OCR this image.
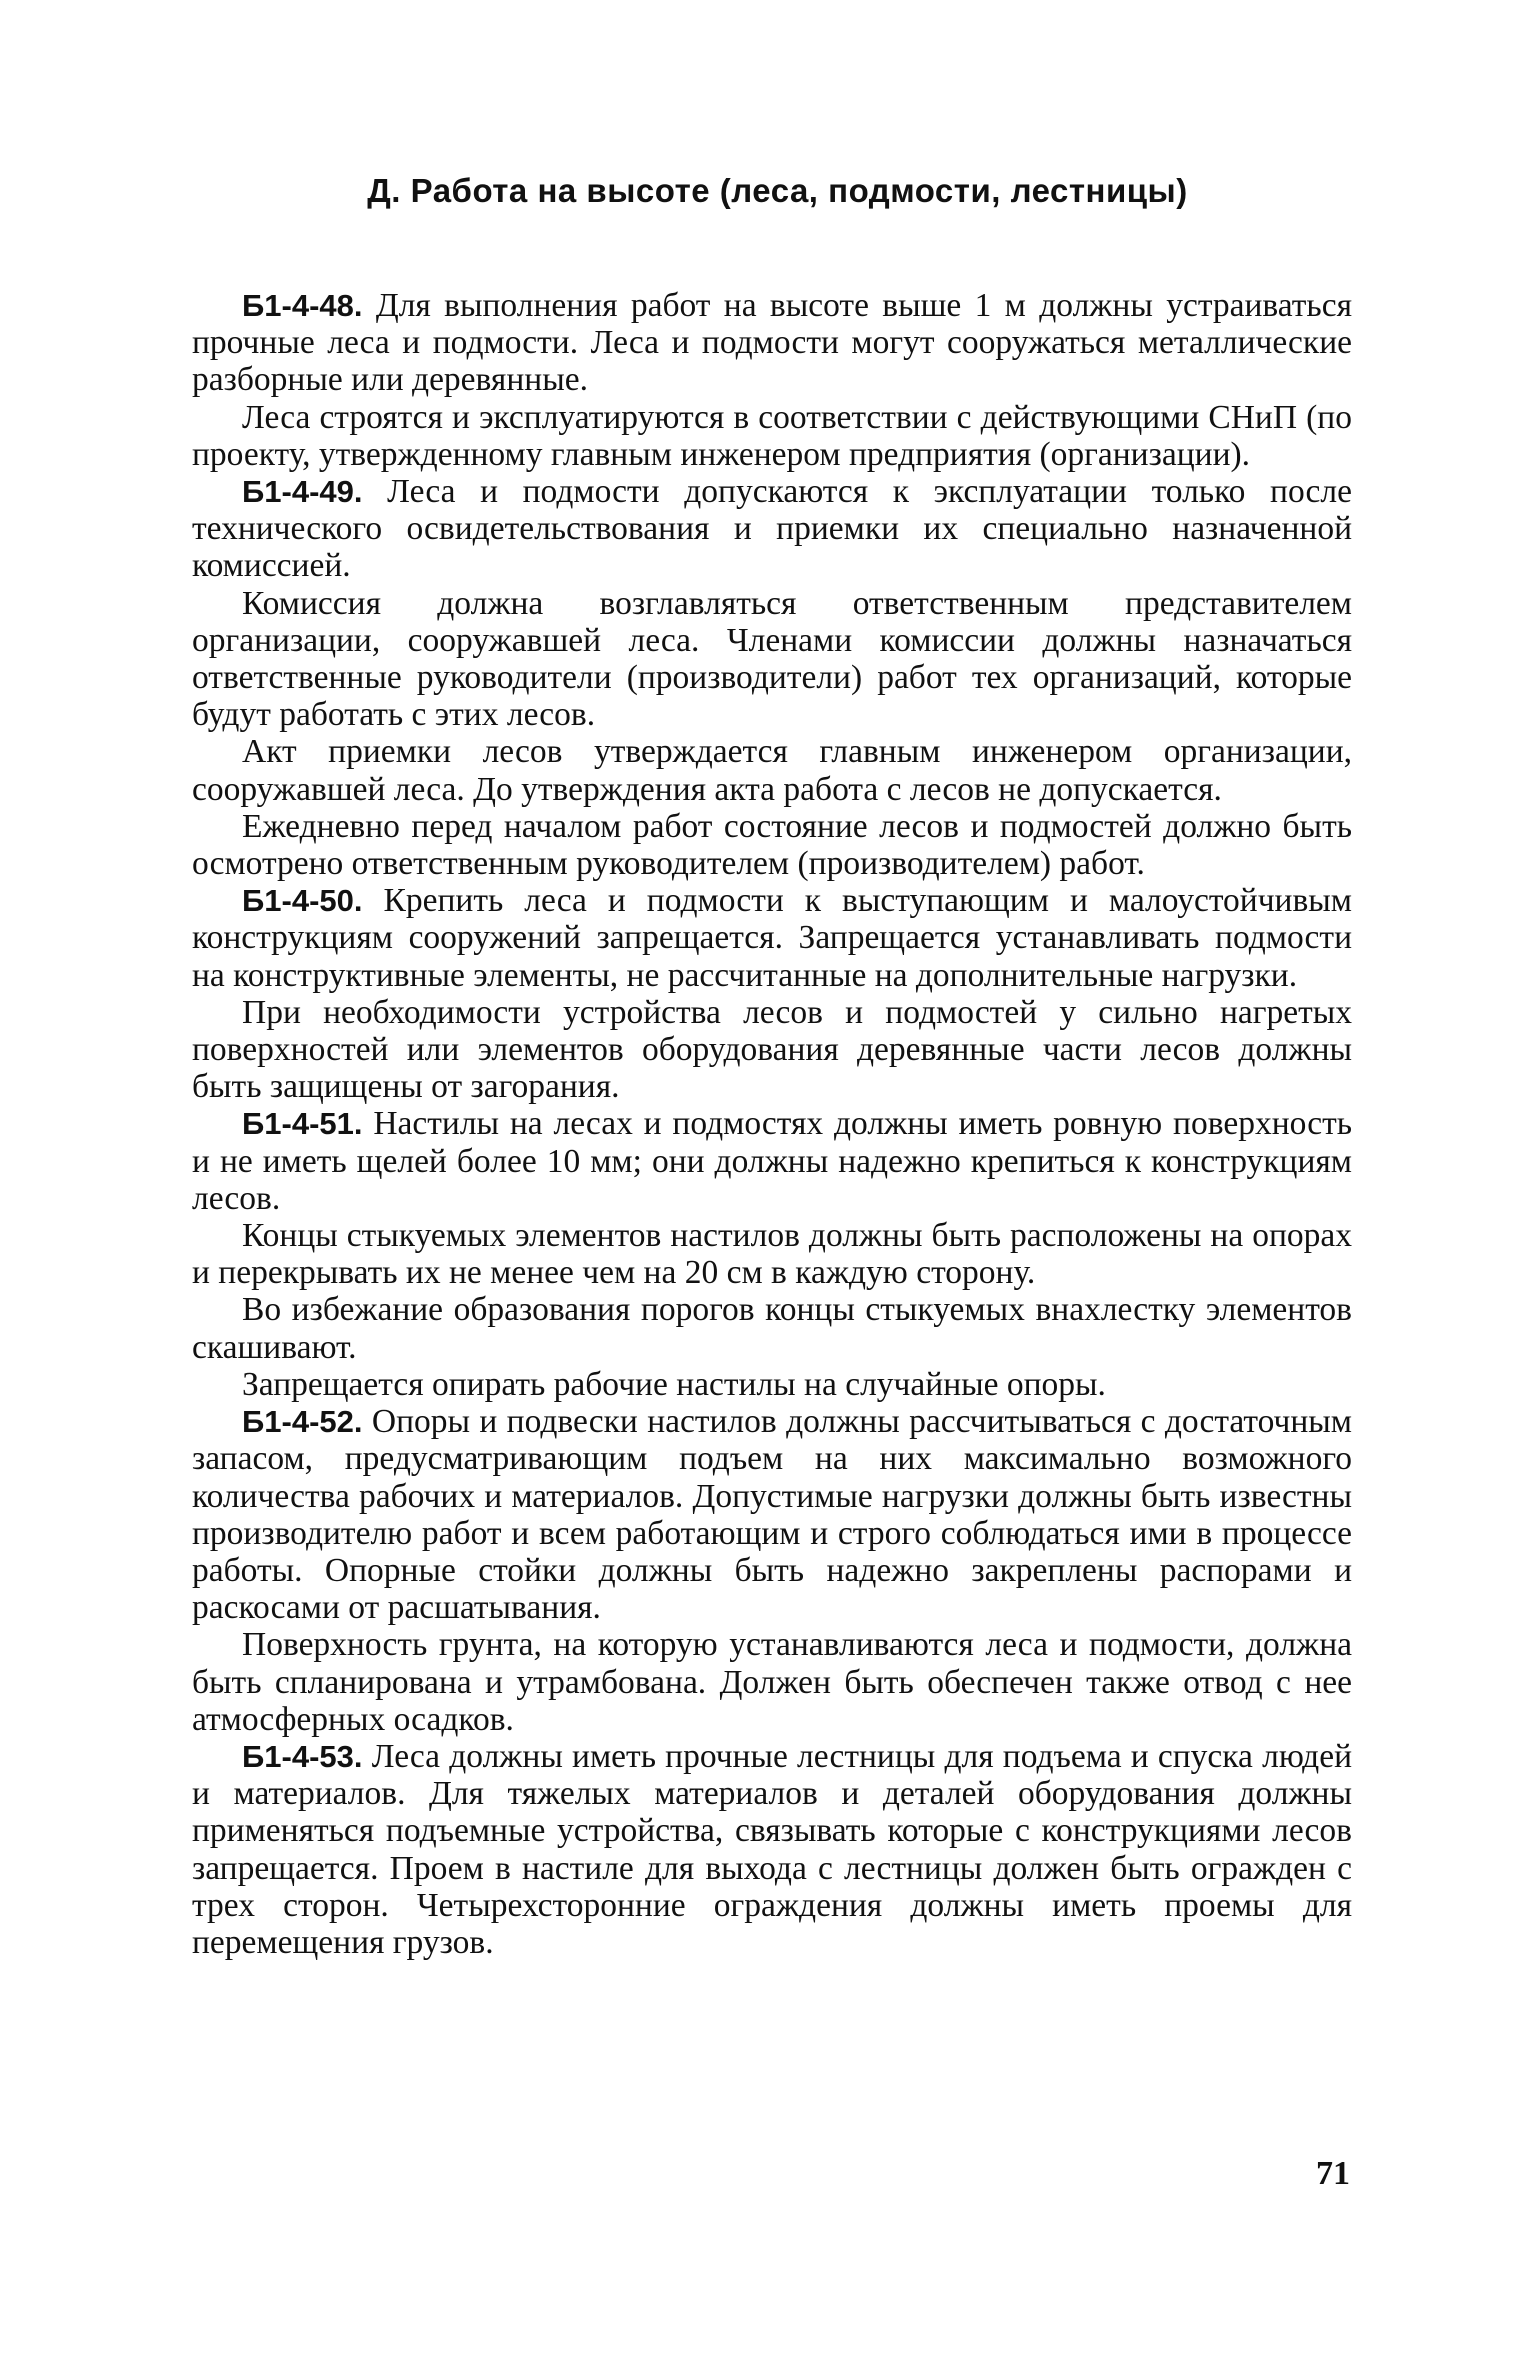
Д. Работа на высоте (леса, подмости, лестницы)

Б1-4-48. Для выполнения работ на высоте выше 1 м должны устраиваться прочные леса и подмости. Леса и подмости могут сооружаться металлические разборные или деревянные.

Леса строятся и эксплуатируются в соответствии с действующими СНиП (по проекту, утвержденному главным инженером предприятия (организации).

Б1-4-49. Леса и подмости допускаются к эксплуатации только после технического освидетельствования и приемки их специально назначенной комиссией.

Комиссия должна возглавляться ответственным представителем организации, сооружавшей леса. Членами комиссии должны назначаться ответственные руководители (производители) работ тех организаций, которые будут работать с этих лесов.

Акт приемки лесов утверждается главным инженером организации, сооружавшей леса. До утверждения акта работа с лесов не допускается.

Ежедневно перед началом работ состояние лесов и подмостей должно быть осмотрено ответственным руководителем (производителем) работ.

Б1-4-50. Крепить леса и подмости к выступающим и малоустойчивым конструкциям сооружений запрещается. Запрещается устанавливать подмости на конструктивные элементы, не рассчитанные на дополнительные нагрузки.

При необходимости устройства лесов и подмостей у сильно нагретых поверхностей или элементов оборудования деревянные части лесов должны быть защищены от загорания.

Б1-4-51. Настилы на лесах и подмостях должны иметь ровную поверхность и не иметь щелей более 10 мм; они должны надежно крепиться к конструкциям лесов.

Концы стыкуемых элементов настилов должны быть расположены на опорах и перекрывать их не менее чем на 20 см в каждую сторону.

Во избежание образования порогов концы стыкуемых внахлестку элементов скашивают.

Запрещается опирать рабочие настилы на случайные опоры.

Б1-4-52. Опоры и подвески настилов должны рассчитываться с достаточным запасом, предусматривающим подъем на них максимально возможного количества рабочих и материалов. Допустимые нагрузки должны быть известны производителю работ и всем работающим и строго соблюдаться ими в процессе работы. Опорные стойки должны быть надежно закреплены распорами и раскосами от расшатывания.

Поверхность грунта, на которую устанавливаются леса и подмости, должна быть спланирована и утрамбована. Должен быть обеспечен также отвод с нее атмосферных осадков.

Б1-4-53. Леса должны иметь прочные лестницы для подъема и спуска людей и материалов. Для тяжелых материалов и деталей оборудования должны применяться подъемные устройства, связывать которые с конструкциями лесов запрещается. Проем в настиле для выхода с лестницы должен быть огражден с трех сторон. Четырехсторонние ограждения должны иметь проемы для перемещения грузов.

71
